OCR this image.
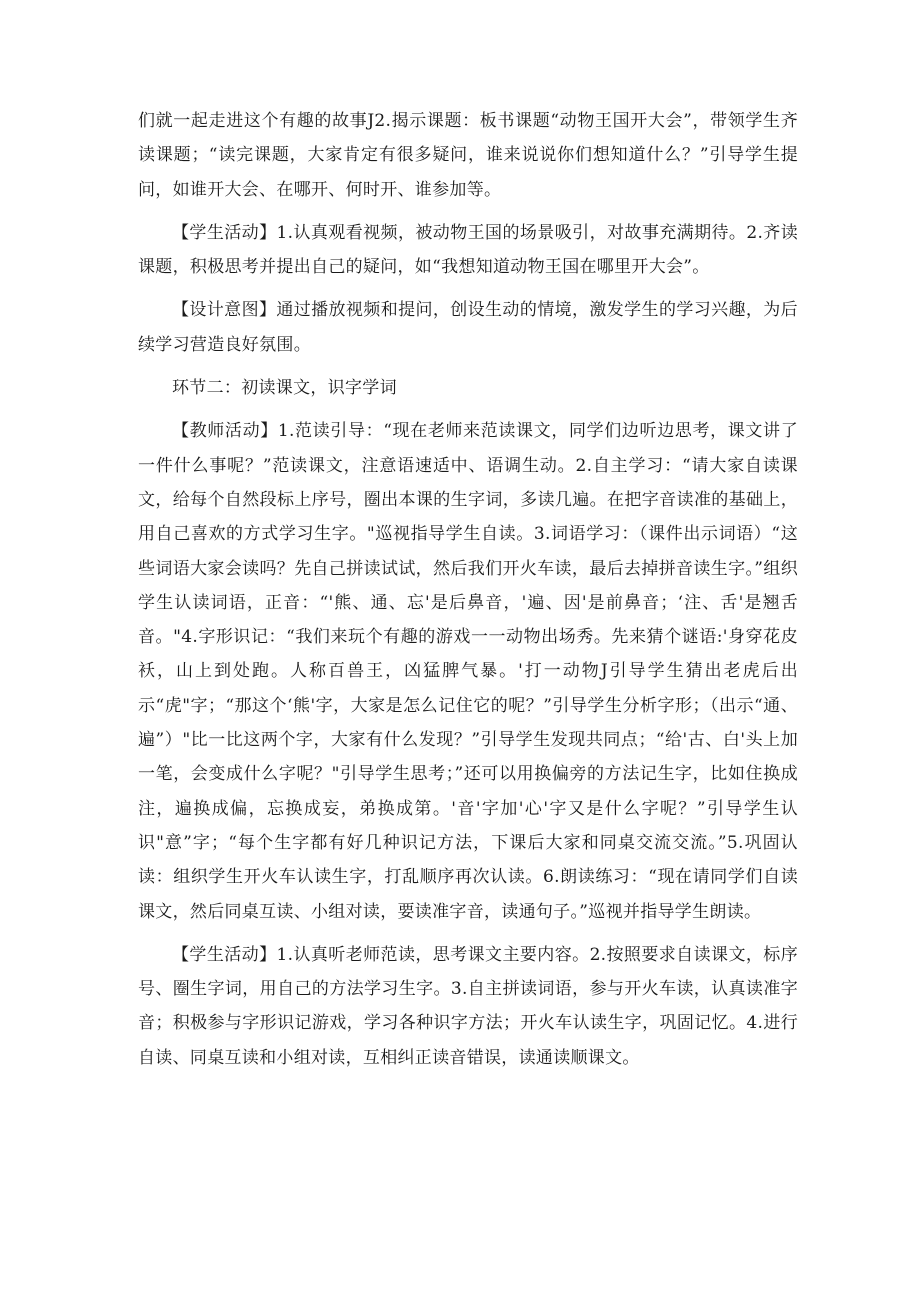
们就一起走进这个有趣的故事J2.揭示课题：板书课题“动物王国开大会”，带领学生齐读课题；“读完课题，大家肯定有很多疑问，谁来说说你们想知道什么？”引导学生提问，如谁开大会、在哪开、何时开、谁参加等。

【学生活动】1.认真观看视频，被动物王国的场景吸引，对故事充满期待。2.齐读课题，积极思考并提出自己的疑问，如“我想知道动物王国在哪里开大会”。

【设计意图】通过播放视频和提问，创设生动的情境，激发学生的学习兴趣，为后续学习营造良好氛围。

环节二：初读课文，识字学词

【教师活动】1.范读引导：“现在老师来范读课文，同学们边听边思考，课文讲了一件什么事呢？”范读课文，注意语速适中、语调生动。2.自主学习：“请大家自读课文，给每个自然段标上序号，圈出本课的生字词，多读几遍。在把字音读准的基础上，用自己喜欢的方式学习生字。"巡视指导学生自读。3.词语学习：（课件出示词语）“这些词语大家会读吗？先自己拼读试试，然后我们开火车读，最后去掉拼音读生字。”组织学生认读词语，正音：“'熊、通、忘'是后鼻音，'遍、因'是前鼻音；‘注、舌'是翘舌音。"4.字形识记：“我们来玩个有趣的游戏一一动物出场秀。先来猜个谜语:'身穿花皮袄，山上到处跑。人称百兽王，凶猛脾气暴。'打一动物J引导学生猜出老虎后出示“虎"字；“那这个‘熊'字，大家是怎么记住它的呢？”引导学生分析字形；（出示“通、遍”）"比一比这两个字，大家有什么发现？”引导学生发现共同点；“给'古、白'头上加一笔，会变成什么字呢？"引导学生思考；”还可以用换偏旁的方法记生字，比如住换成注，遍换成偏，忘换成妄，弟换成第。'音'字加'心'字又是什么字呢？”引导学生认识"意”字；“每个生字都有好几种识记方法，下课后大家和同桌交流交流。”5.巩固认读：组织学生开火车认读生字，打乱顺序再次认读。6.朗读练习：“现在请同学们自读课文，然后同桌互读、小组对读，要读准字音，读通句子。”巡视并指导学生朗读。

【学生活动】1.认真听老师范读，思考课文主要内容。2.按照要求自读课文，标序号、圈生字词，用自己的方法学习生字。3.自主拼读词语，参与开火车读，认真读准字音；积极参与字形识记游戏，学习各种识字方法；开火车认读生字，巩固记忆。4.进行自读、同桌互读和小组对读，互相纠正读音错误，读通读顺课文。
